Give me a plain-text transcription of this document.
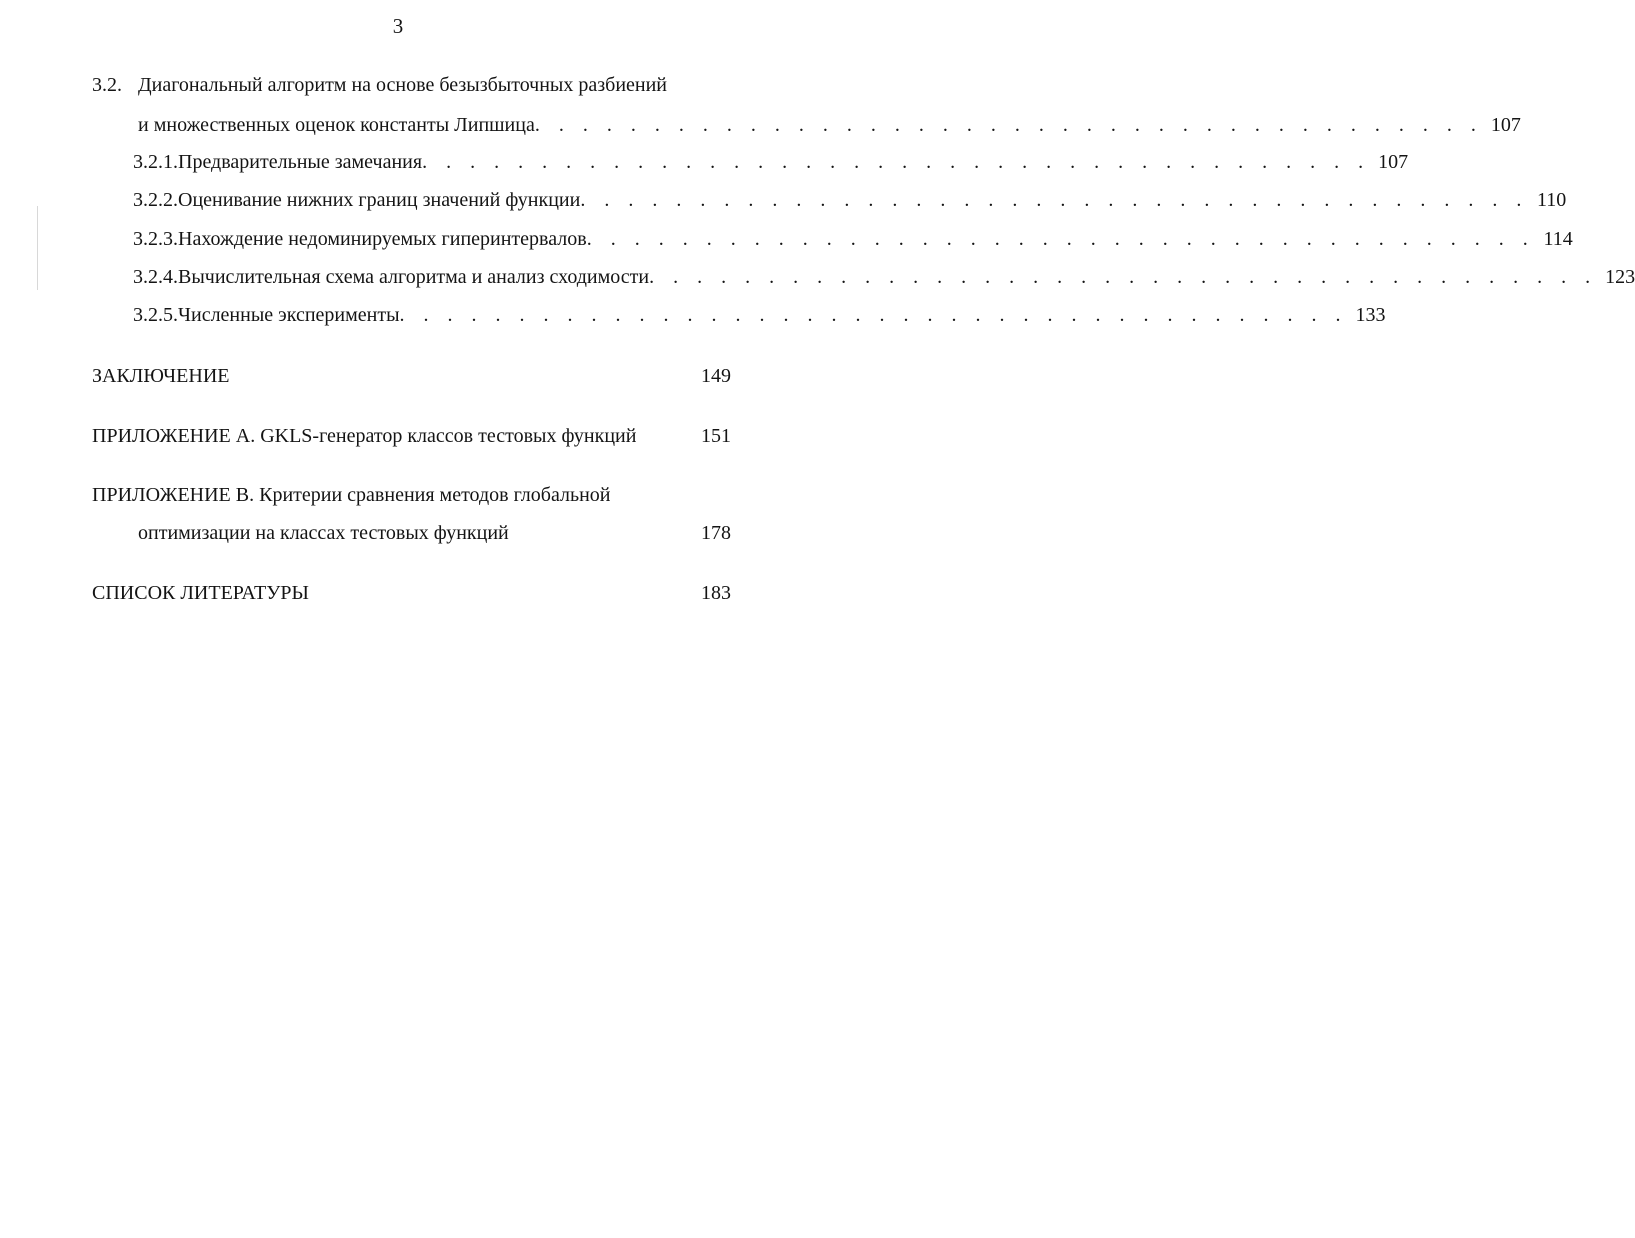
3
3.2. Диагональный алгоритм на основе безызбыточных разбиений
и множественных оценок константы Липшица . . . . . . . . . . . . . . . . . . . . . . . . . . . . . . . . . . . . . . . . 107
3.2.1. Предварительные замечания . . . . . . . . . . . . . . . . . . . . . . . . . . . . . . . . . . . . . . . . 107
3.2.2. Оценивание нижних границ значений функции . . . . . . . . . . . . . . . . . . . . . . . . . . . . . . . . . . . . . . . . 110
3.2.3. Нахождение недоминируемых гиперинтервалов . . . . . . . . . . . . . . . . . . . . . . . . . . . . . . . . . . . . . . . . 114
3.2.4. Вычислительная схема алгоритма и анализ сходимости . . . . . . . . . . . . . . . . . . . . . . . . . . . . . . . . . . . . . . . . 123
3.2.5. Численные эксперименты . . . . . . . . . . . . . . . . . . . . . . . . . . . . . . . . . . . . . . . . 133
ЗАКЛЮЧЕНИЕ	149
ПРИЛОЖЕНИЕ А. GKLS-генератор классов тестовых функций	151
ПРИЛОЖЕНИЕ В. Критерии сравнения методов глобальной
оптимизации на классах тестовых функций	178
СПИСОК ЛИТЕРАТУРЫ	183
